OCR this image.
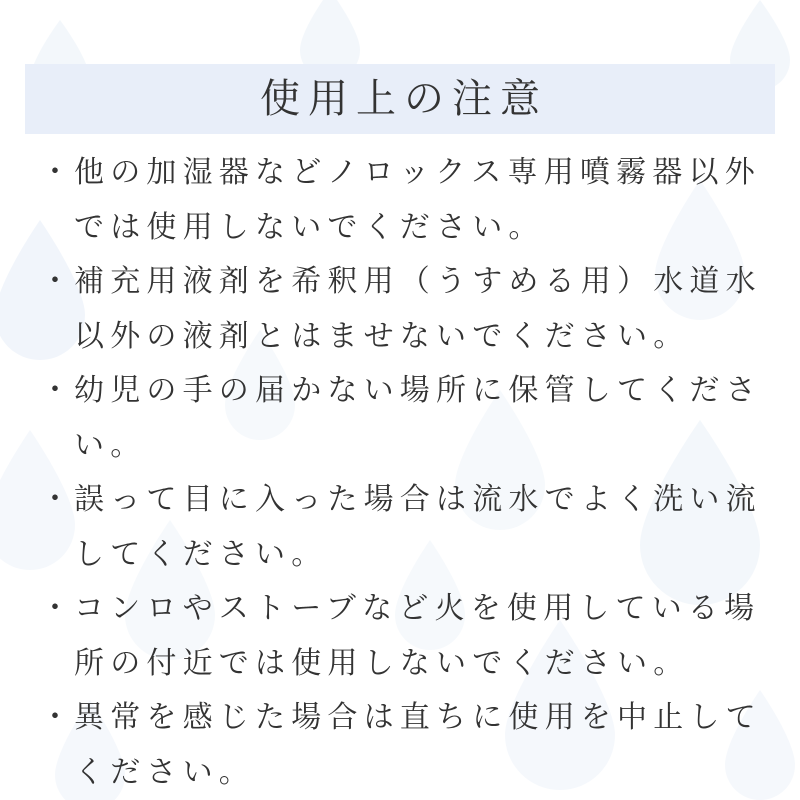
使用上の注意
・ 他の加湿器などノロックス専用噴霧器以外
では使用しないでください。
・ 補充用液剤を希釈用（うすめる用）水道水
以外の液剤とはませないでください。
・ 幼児の手の届かない場所に保管してくださ
い。
・ 誤って目に入った場合は流水でよく洗い流
してください。
・ コンロやストーブなど火を使用している場
所の付近では使用しないでください。
・ 異常を感じた場合は直ちに使用を中止して
ください。
